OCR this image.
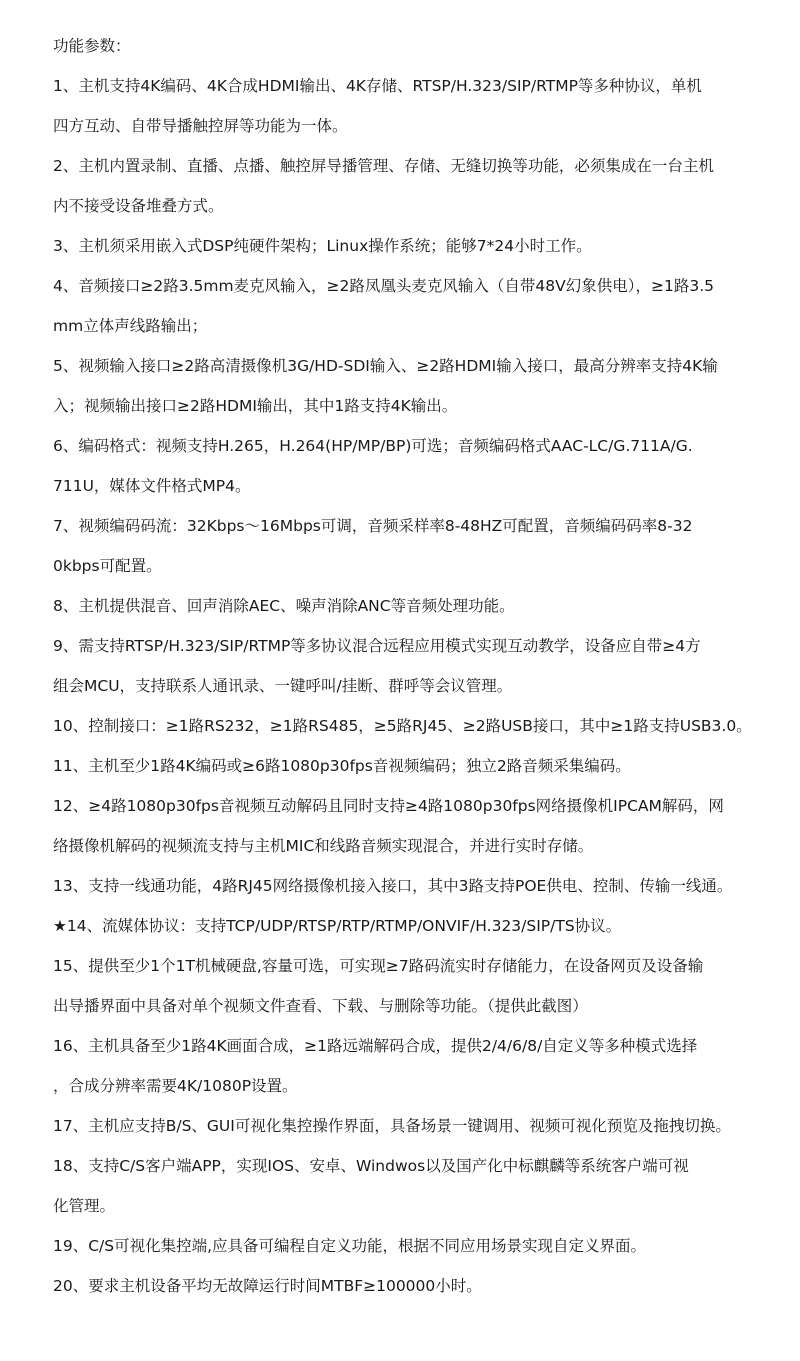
功能参数：
1、主机支持4K编码、4K合成HDMI输出、4K存储、RTSP/H.323/SIP/RTMP等多种协议，单机
四方互动、自带导播触控屏等功能为一体。
2、主机内置录制、直播、点播、触控屏导播管理、存储、无缝切换等功能，必须集成在一台主机
内不接受设备堆叠方式。
3、主机须采用嵌入式DSP纯硬件架构；Linux操作系统；能够7*24小时工作。
4、音频接口≥2路3.5mm麦克风输入，≥2路凤凰头麦克风输入（自带48V幻象供电），≥1路3.5
mm立体声线路输出；
5、视频输入接口≥2路高清摄像机3G/HD-SDI输入、≥2路HDMI输入接口，最高分辨率支持4K输
入；视频输出接口≥2路HDMI输出，其中1路支持4K输出。
6、编码格式：视频支持H.265，H.264(HP/MP/BP)可选；音频编码格式AAC-LC/G.711A/G.
711U，媒体文件格式MP4。
7、视频编码码流：32Kbps～16Mbps可调，音频采样率8-48HZ可配置，音频编码码率8-32
0kbps可配置。
8、主机提供混音、回声消除AEC、噪声消除ANC等音频处理功能。
9、需支持RTSP/H.323/SIP/RTMP等多协议混合远程应用模式实现互动教学，设备应自带≥4方
组会MCU，支持联系人通讯录、一键呼叫/挂断、群呼等会议管理。
10、控制接口：≥1路RS232，≥1路RS485，≥5路RJ45、≥2路USB接口，其中≥1路支持USB3.0。
11、主机至少1路4K编码或≥6路1080p30fps音视频编码；独立2路音频采集编码。
12、≥4路1080p30fps音视频互动解码且同时支持≥4路1080p30fps网络摄像机IPCAM解码，网
络摄像机解码的视频流支持与主机MIC和线路音频实现混合，并进行实时存储。
13、支持一线通功能，4路RJ45网络摄像机接入接口，其中3路支持POE供电、控制、传输一线通。
★14、流媒体协议：支持TCP/UDP/RTSP/RTP/RTMP/ONVIF/H.323/SIP/TS协议。
15、提供至少1个1T机械硬盘,容量可选，可实现≥7路码流实时存储能力，在设备网页及设备输
出导播界面中具备对单个视频文件查看、下载、与删除等功能。（提供此截图）
16、主机具备至少1路4K画面合成，≥1路远端解码合成，提供2/4/6/8/自定义等多种模式选择
，合成分辨率需要4K/1080P设置。
17、主机应支持B/S、GUI可视化集控操作界面，具备场景一键调用、视频可视化预览及拖拽切换。
18、支持C/S客户端APP，实现IOS、安卓、Windwos以及国产化中标麒麟等系统客户端可视
化管理。
19、C/S可视化集控端,应具备可编程自定义功能，根据不同应用场景实现自定义界面。
20、要求主机设备平均无故障运行时间MTBF≥100000小时。
